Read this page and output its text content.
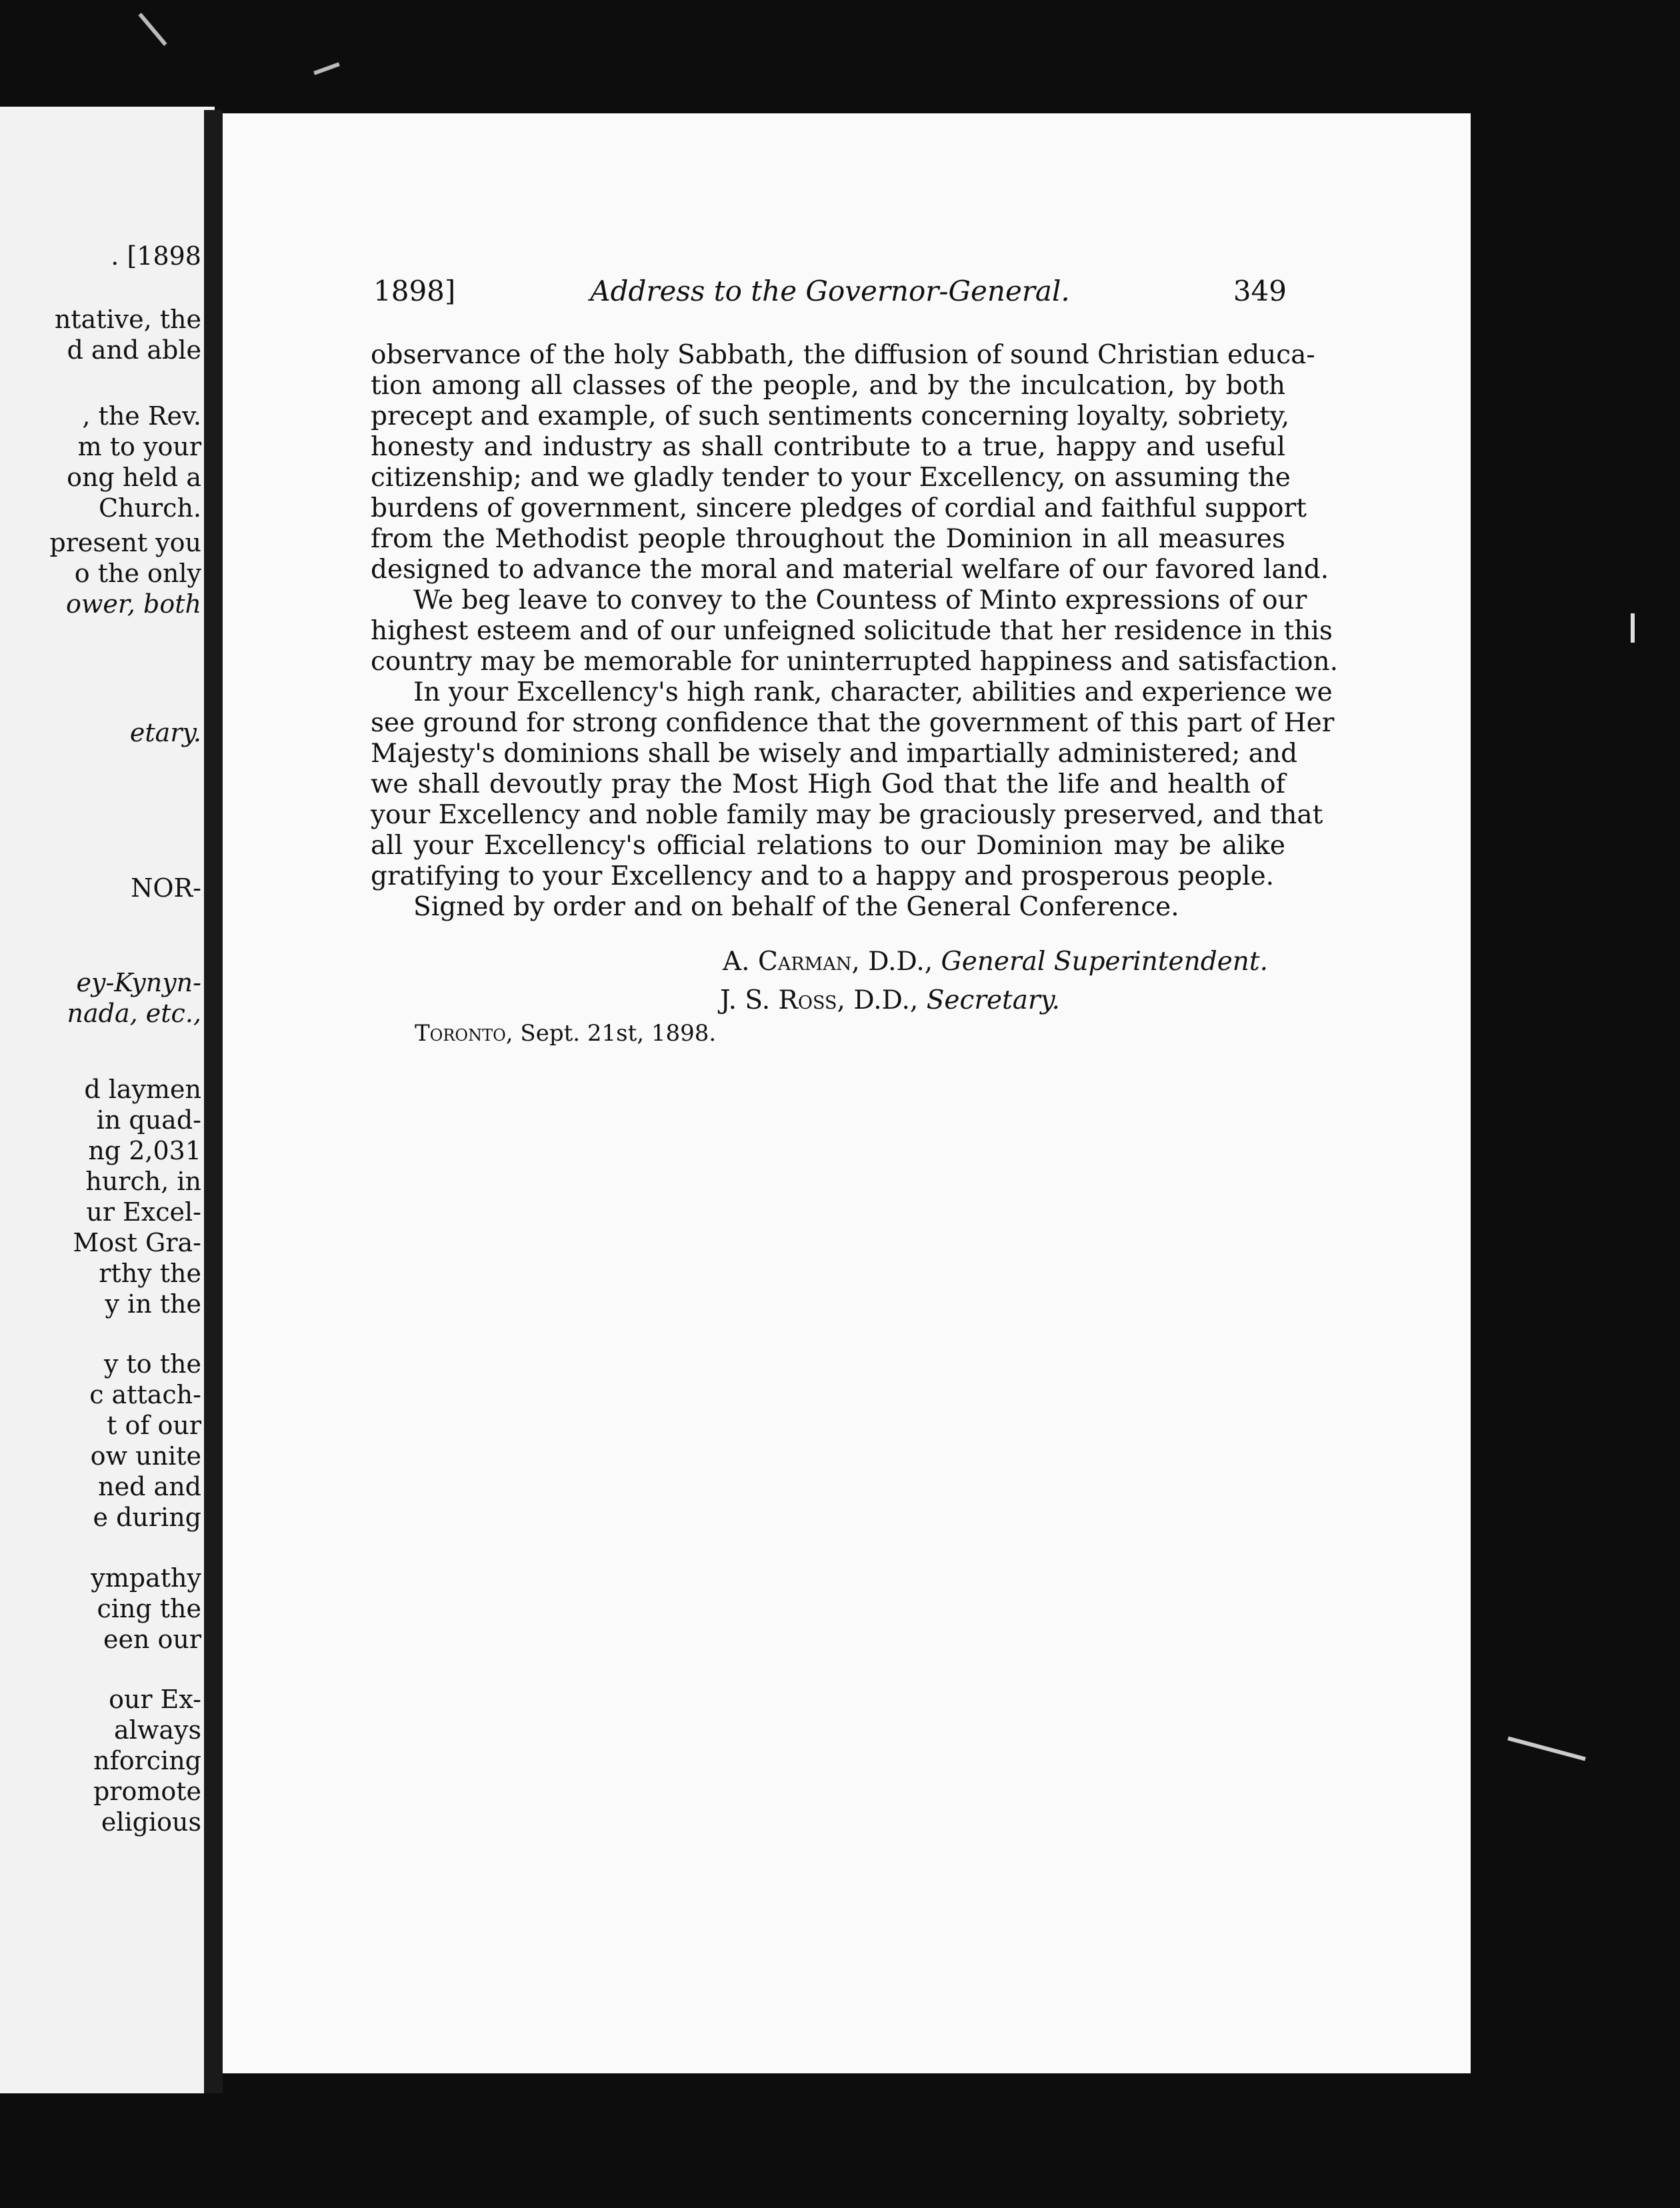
. [1898
ntative, the
d and able
, the Rev.
m to your
ong held a
Church.
present you
o the only
ower, both
etary.
NOR-
ey-Kynyn-
nada, etc.,
d laymen
in quad-
ng 2,031
hurch, in
ur Excel-
Most Gra-
rthy the
y in the
y to the
c attach-
t of our
ow unite
ned and
e during
ympathy
cing the
een our
our Ex-
always
nforcing
promote
eligious
1898]	Address to the Governor-General.	349
observance of the holy Sabbath, the diffusion of sound Christian educa-
tion among all classes of the people, and by the inculcation, by both
precept and example, of such sentiments concerning loyalty, sobriety,
honesty and industry as shall contribute to a true, happy and useful
citizenship; and we gladly tender to your Excellency, on assuming the
burdens of government, sincere pledges of cordial and faithful support
from the Methodist people throughout the Dominion in all measures
designed to advance the moral and material welfare of our favored land.
We beg leave to convey to the Countess of Minto expressions of our
highest esteem and of our unfeigned solicitude that her residence in this
country may be memorable for uninterrupted happiness and satisfaction.
In your Excellency's high rank, character, abilities and experience we
see ground for strong confidence that the government of this part of Her
Majesty's dominions shall be wisely and impartially administered; and
we shall devoutly pray the Most High God that the life and health of
your Excellency and noble family may be graciously preserved, and that
all your Excellency's official relations to our Dominion may be alike
gratifying to your Excellency and to a happy and prosperous people.
Signed by order and on behalf of the General Conference.
A. Carman, D.D., General Superintendent.
J. S. Ross, D.D., Secretary.
Toronto, Sept. 21st, 1898.
